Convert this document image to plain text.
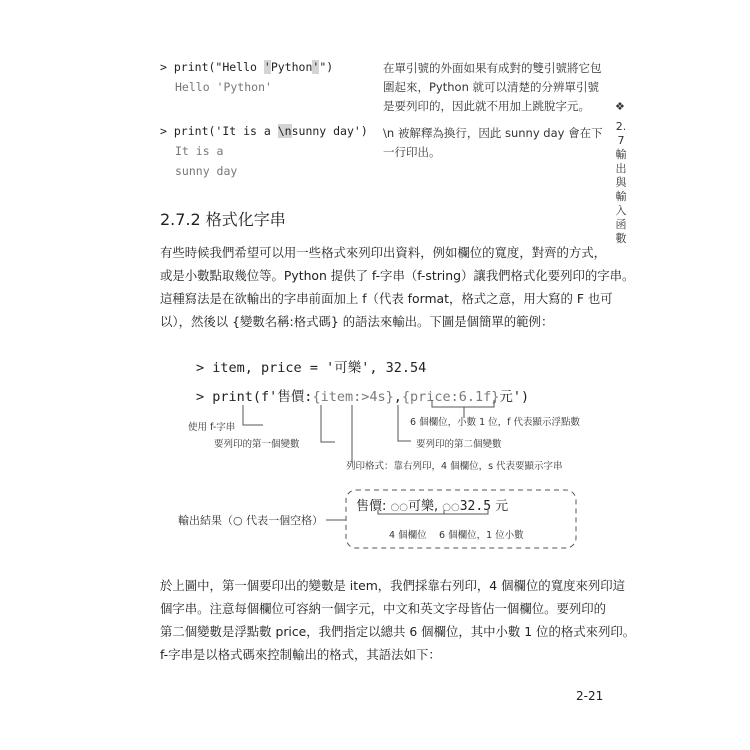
> print("Hello 'Python'")
Hello 'Python'
在單引號的外面如果有成對的雙引號將它包圍起來，Python 就可以清楚的分辨單引號是要列印的，因此就不用加上跳脫字元。
> print('It is a \nsunny day')
It is a
sunny day
\n 被解釋為換行，因此 sunny day 會在下一行印出。
❖
2.7 輸出與輸入函數
2.7.2 格式化字串
有些時候我們希望可以用一些格式來列印出資料，例如欄位的寬度，對齊的方式，
或是小數點取幾位等。Python 提供了 f-字串（f-string）讓我們格式化要列印的字串。
這種寫法是在欲輸出的字串前面加上 f（代表 format，格式之意，用大寫的 F 也可
以），然後以 {變數名稱:格式碼} 的語法來輸出。下圖是個簡單的範例：
> item, price = '可樂', 32.54
> print(f'售價:{item:>4s},{price:6.1f}元')
使用 f-字串
要列印的第一個變數
列印格式：靠右列印，4 個欄位，s 代表要顯示字串
6 個欄位，小數 1 位，f 代表顯示浮點數
要列印的第二個變數
輸出結果（○ 代表一個空格）
售價: ○○可樂, ○○32.5 元
4 個欄位 6 個欄位，1 位小數
於上圖中，第一個要印出的變數是 item，我們採靠右列印，4 個欄位的寬度來列印這
個字串。注意每個欄位可容納一個字元，中文和英文字母皆佔一個欄位。要列印的
第二個變數是浮點數 price，我們指定以總共 6 個欄位，其中小數 1 位的格式來列印。
f-字串是以格式碼來控制輸出的格式，其語法如下：
2-21
